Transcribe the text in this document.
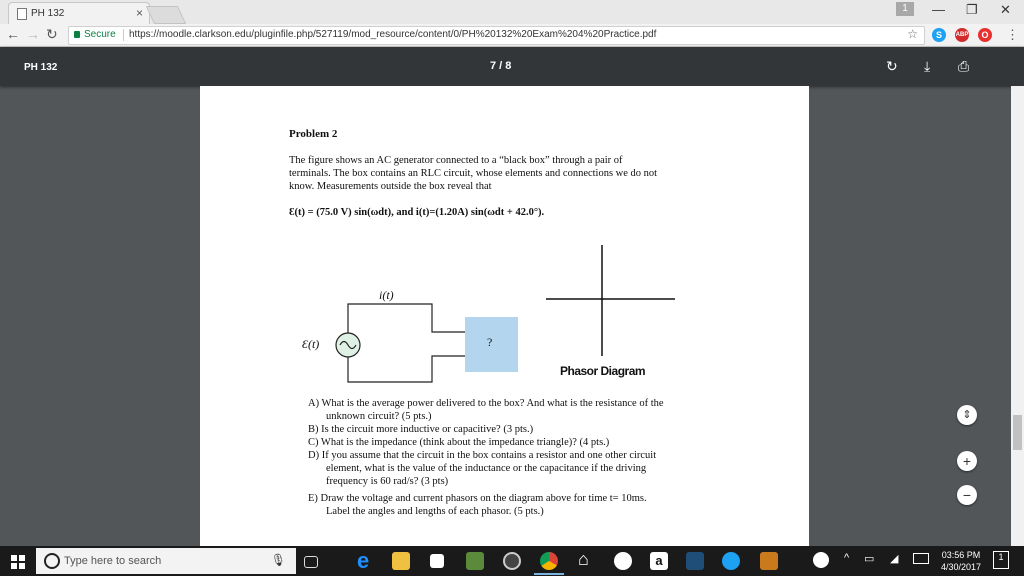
PH 132	×	1	— ❐ ✕
← → ↻	Secure https://moodle.clarkson.edu/pluginfile.php/527119/mod_resource/content/0/PH%20132%20Exam%204%20Practice.pdf	☆	S	ABP	O ⋮
PH 132	7 / 8	↻ ⤓ ⎙
Problem 2
The figure shows an AC generator connected to a “black box” through a pair of
terminals. The box contains an RLC circuit, whose elements and connections we do not
know. Measurements outside the box reveal that
Ɛ(t) = (75.0 V) sin(ωdt), and i(t)=(1.20A) sin(ωdt + 42.0°).
i(t)
Ɛ(t)	?
Phasor Diagram
A) What is the average power delivered to the box? And what is the resistance of the
unknown circuit? (5 pts.)
B) Is the circuit more inductive or capacitive? (3 pts.)
C) What is the impedance (think about the impedance triangle)? (4 pts.)
D) If you assume that the circuit in the box contains a resistor and one other circuit
element, what is the value of the inductance or the capacitance if the driving
frequency is 60 rad/s? (3 pts)
E) Draw the voltage and current phasors on the diagram above for time t= 10ms.
Label the angles and lengths of each phasor. (5 pts.)
⇕
+
−
Type here to search	🎙	e	⌂	a	^ ▭ ◢	03:56 PM
4/30/2017
1
